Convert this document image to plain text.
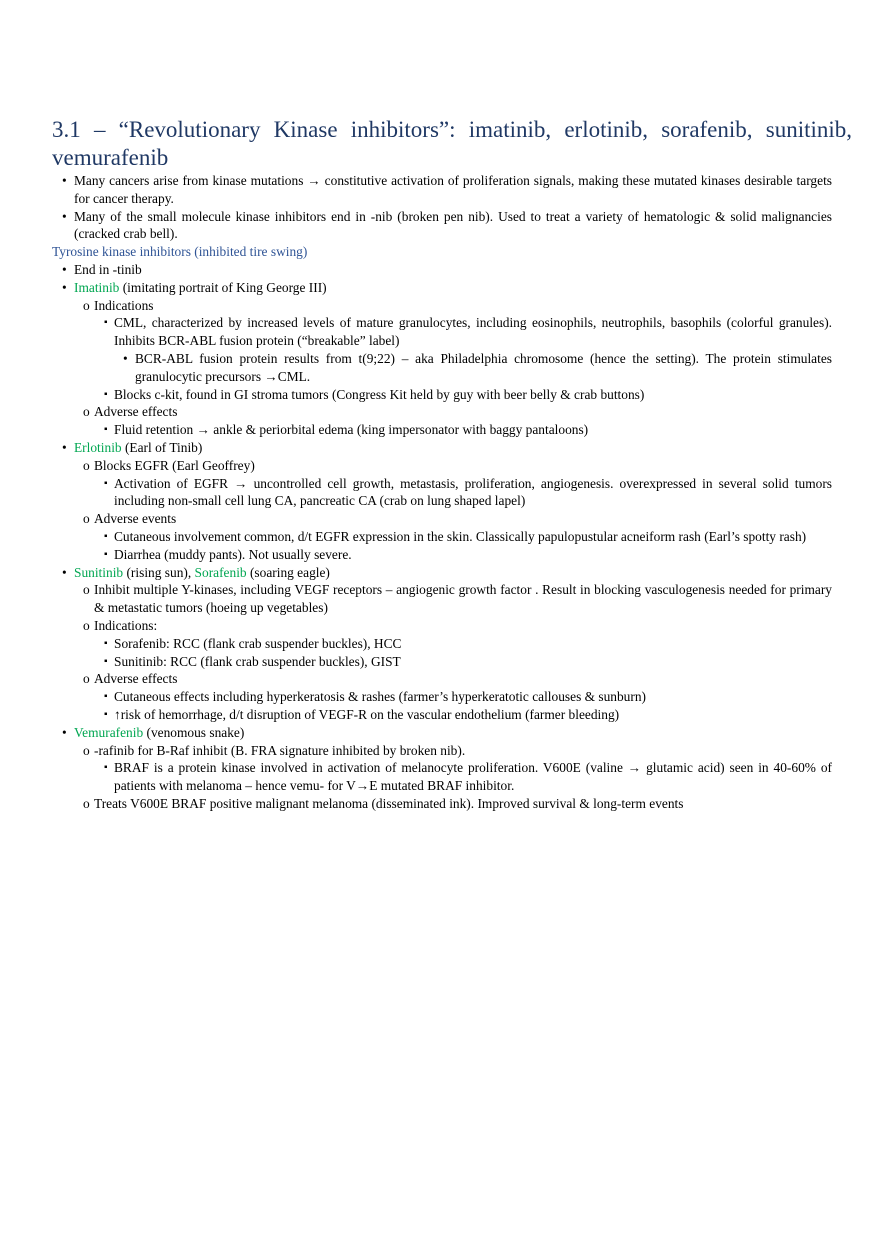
3.1 – “Revolutionary Kinase inhibitors”: imatinib, erlotinib, sorafenib, sunitinib, vemurafenib
• Many cancers arise from kinase mutations → constitutive activation of proliferation signals, making these mutated kinases desirable targets for cancer therapy.
• Many of the small molecule kinase inhibitors end in -nib (broken pen nib). Used to treat a variety of hematologic & solid malignancies (cracked crab bell).
Tyrosine kinase inhibitors (inhibited tire swing)
• End in -tinib
• Imatinib (imitating portrait of King George III)
o Indications
▪ CML, characterized by increased levels of mature granulocytes, including eosinophils, neutrophils, basophils (colorful granules). Inhibits BCR-ABL fusion protein (“breakable” label)
• BCR-ABL fusion protein results from t(9;22) – aka Philadelphia chromosome (hence the setting). The protein stimulates granulocytic precursors →CML.
▪ Blocks c-kit, found in GI stroma tumors (Congress Kit held by guy with beer belly & crab buttons)
o Adverse effects
▪ Fluid retention → ankle & periorbital edema (king impersonator with baggy pantaloons)
• Erlotinib (Earl of Tinib)
o Blocks EGFR (Earl Geoffrey)
▪ Activation of EGFR → uncontrolled cell growth, metastasis, proliferation, angiogenesis. overexpressed in several solid tumors including non-small cell lung CA, pancreatic CA (crab on lung shaped lapel)
o Adverse events
▪ Cutaneous involvement common, d/t EGFR expression in the skin. Classically papulopustular acneiform rash (Earl’s spotty rash)
▪ Diarrhea (muddy pants). Not usually severe.
• Sunitinib (rising sun), Sorafenib (soaring eagle)
o Inhibit multiple Y-kinases, including VEGF receptors – angiogenic growth factor . Result in blocking vasculogenesis needed for primary & metastatic tumors (hoeing up vegetables)
o Indications:
▪ Sorafenib: RCC (flank crab suspender buckles), HCC
▪ Sunitinib: RCC (flank crab suspender buckles), GIST
o Adverse effects
▪ Cutaneous effects including hyperkeratosis & rashes (farmer’s hyperkeratotic callouses & sunburn)
▪ ↑risk of hemorrhage, d/t disruption of VEGF-R on the vascular endothelium (farmer bleeding)
• Vemurafenib (venomous snake)
o -rafinib for B-Raf inhibit (B. FRA signature inhibited by broken nib).
▪ BRAF is a protein kinase involved in activation of melanocyte proliferation. V600E (valine → glutamic acid) seen in 40-60% of patients with melanoma – hence vemu- for V→E mutated BRAF inhibitor.
o Treats V600E BRAF positive malignant melanoma (disseminated ink). Improved survival & long-term events
